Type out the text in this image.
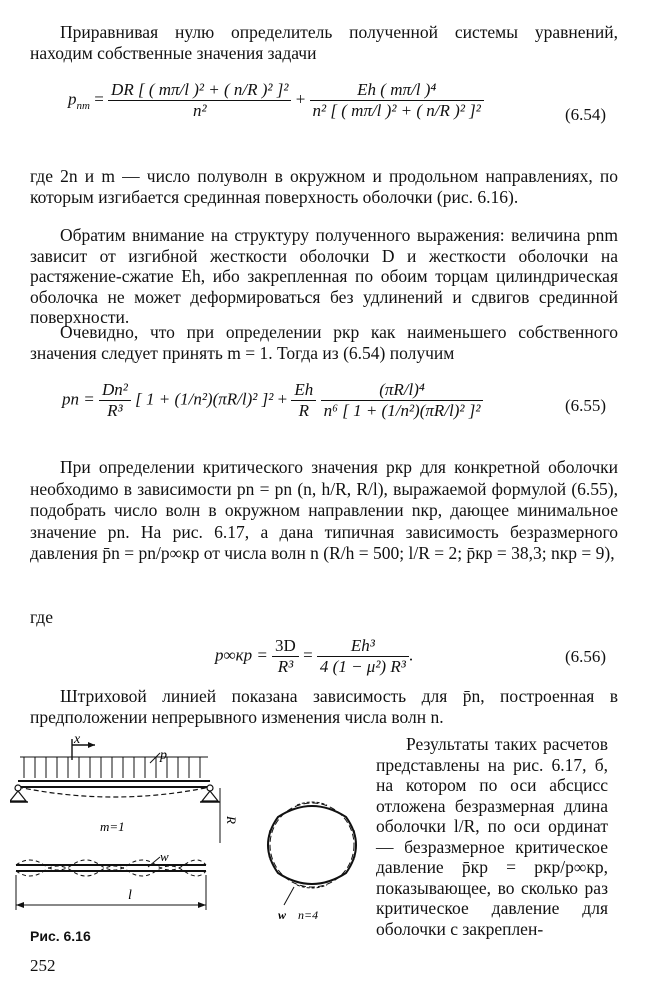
Приравнивая нулю определитель полученной системы уравнений, находим собственные значения задачи
$p_{nm} = \frac{\text{DR [ ( mπ/l )² + ( n/R )² ]²}}{\text{n²}} + \frac{\text{Eh ( mπ/l )⁴}}{\text{n² [ ( mπ/l )² + ( n/R )² ]²}}$	(6.54)
где 2n и m — число полуволн в окружном и продольном направлениях, по которым изгибается срединная поверхность оболочки (рис. 6.16).
Обратим внимание на структуру полученного выражения: величина pnm зависит от изгибной жесткости оболочки D и жесткости оболочки на растяжение-сжатие Eh, ибо закрепленная по обоим торцам цилиндрическая оболочка не может деформироваться без удлинений и сдвигов срединной поверхности.
Очевидно, что при определении pкр как наименьшего собственного значения следует принять m = 1. Тогда из (6.54) получим
pn = $\frac{\text{Dn²}}{\text{R³}}$ [ 1 + (1/n²)(πR/l)² ]$^2 + \frac{Eh}{R}$
$\frac{\text{(πR/l)⁴}}{\text{n⁶ [ 1 + (1/n²)(πR/l)² ]²}}$	(6.55)
При определении критического значения pкр для конкретной оболочки необходимо в зависимости pn = pn (n, h/R, R/l), выражаемой формулой (6.55), подобрать число волн в окружном направлении nкр, дающее минимальное значение pn. На рис. 6.17, а дана типичная зависимость безразмерного давления p̄n = pn/p∞кр от числа волн n (R/h = 500; l/R = 2; p̄кр = 38,3; nкр = 9),
где
$p\infty кр = \frac{3D}{\text{R³}} = \frac{\text{Eh³}}{\text{4 (1 − μ²) R³}}$ .	(6.56)
Штриховой линией показана зависимость для p̄n, построенная в предположении непрерывного изменения числа волн n.
Результаты таких расчетов представлены на рис. 6.17, б, на котором по оси абсцисс отложена безразмерная длина оболочки l/R, по оси ординат — безразмерное критическое давление p̄кр = pкр/p∞кр, показывающее, во сколько раз критическое давление для оболочки с закреплен-
x
p
m=1	R
w
l
w n=4
Рис. 6.16
252
